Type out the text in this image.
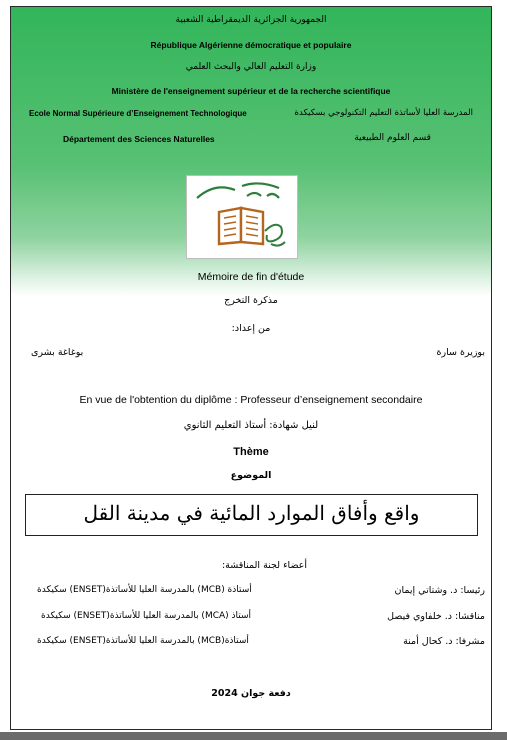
الجمهورية الجزائرية الديمقراطية الشعبية
République Algérienne démocratique et populaire
وزارة التعليم العالي والبحث العلمي
Ministère de l'enseignement supérieur et de la recherche scientifique
Ecole Normal Supérieure d’Enseignement Technologique	المدرسة العليا لأساتذة التعليم التكنولوجي بسكيكدة
Département des Sciences Naturelles	قسم العلوم الطبيعية
Mémoire de fin d'étude
مذكرة التخرج
من إعداد:
بوغاغة بشرى	بوزيرة سارة
En vue de l'obtention du diplôme : Professeur d’enseignement secondaire
لنيل شهادة: أستاذ التعليم الثانوي
Thème
الموضوع
واقع وأفاق الموارد المائية في مدينة القل
أعضاء لجنة المناقشة:
رئيسا: د. وشتاتي إيمان
أستاذة (MCB) بالمدرسة العليا للأساتذة(ENSET) سكيكدة
مناقشا: د. خلفاوي فيصل
أستاذ (MCA) بالمدرسة العليا للأساتذة(ENSET) سكيكدة
مشرفا: د. كحال أمنة
أستاذة(MCB) بالمدرسة العليا للأساتذة(ENSET) سكيكدة
دفعة جوان 2024
